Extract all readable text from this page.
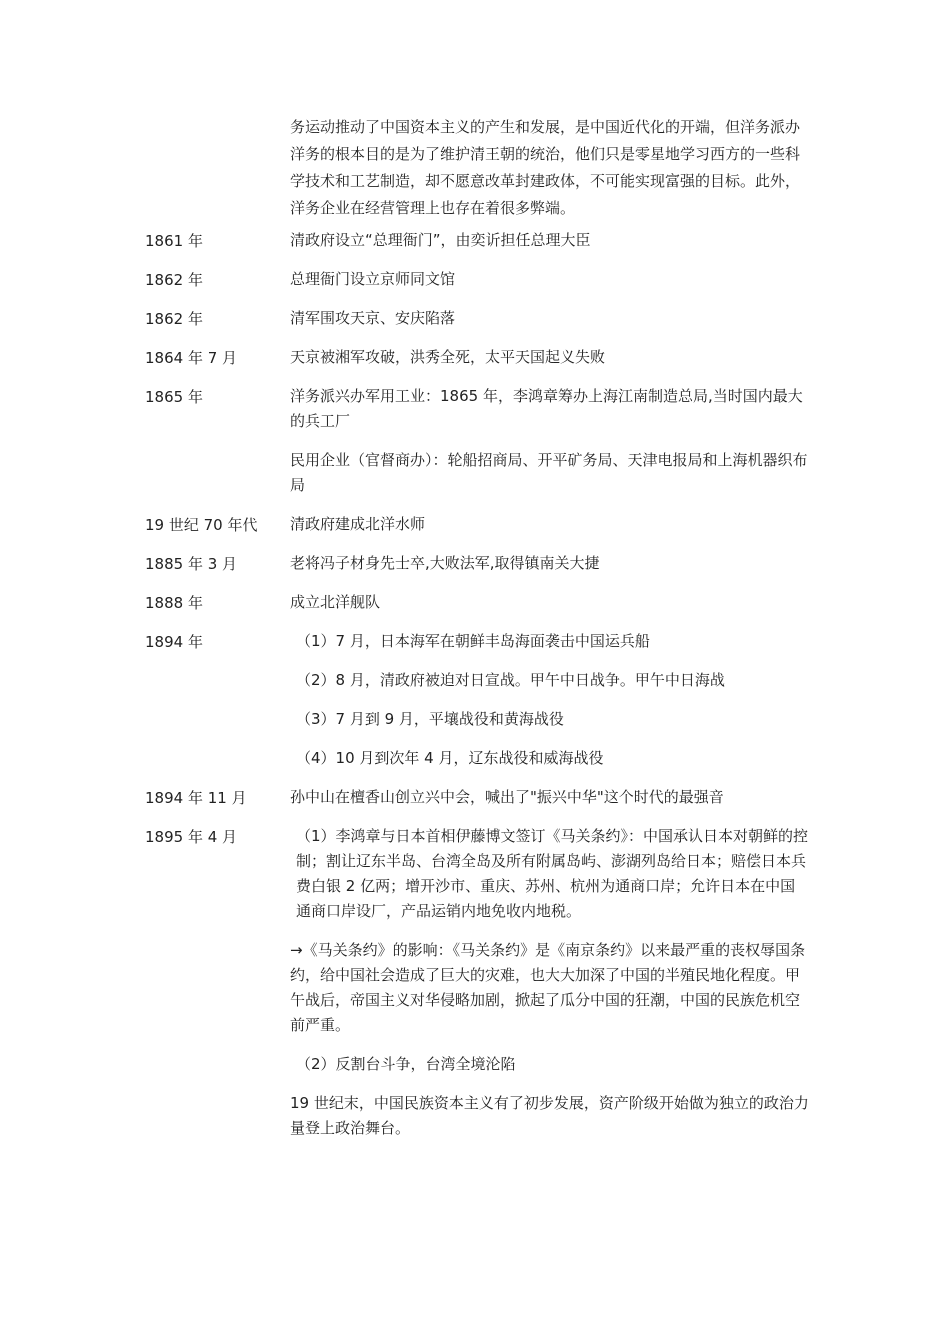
务运动推动了中国资本主义的产生和发展，是中国近代化的开端，但洋务派办洋务的根本目的是为了维护清王朝的统治，他们只是零星地学习西方的一些科学技术和工艺制造，却不愿意改革封建政体，不可能实现富强的目标。此外，洋务企业在经营管理上也存在着很多弊端。
1861 年	清政府设立“总理衙门”，由奕䜣担任总理大臣
1862 年	总理衙门设立京师同文馆
1862 年	清军围攻天京、安庆陷落
1864 年 7 月	天京被湘军攻破，洪秀全死，太平天国起义失败
1865 年	洋务派兴办军用工业：1865 年，李鸿章筹办上海江南制造总局,当时国内最大的兵工厂
民用企业（官督商办）：轮船招商局、开平矿务局、天津电报局和上海机器织布局
19 世纪 70 年代	清政府建成北洋水师
1885 年 3 月	老将冯子材身先士卒,大败法军,取得镇南关大捷
1888 年	成立北洋舰队
1894 年	（1）7 月，日本海军在朝鲜丰岛海面袭击中国运兵船
（2）8 月，清政府被迫对日宣战。甲午中日战争。甲午中日海战
（3）7 月到 9 月，平壤战役和黄海战役
（4）10 月到次年 4 月，辽东战役和威海战役
1894 年 11 月	孙中山在檀香山创立兴中会，喊出了"振兴中华"这个时代的最强音
1895 年 4 月	（1）李鸿章与日本首相伊藤博文签订《马关条约》：中国承认日本对朝鲜的控制；割让辽东半岛、台湾全岛及所有附属岛屿、澎湖列岛给日本；赔偿日本兵费白银 2 亿两；增开沙市、重庆、苏州、杭州为通商口岸；允许日本在中国通商口岸设厂，产品运销内地免收内地税。
→《马关条约》的影响：《马关条约》是《南京条约》以来最严重的丧权辱国条约，给中国社会造成了巨大的灾难，也大大加深了中国的半殖民地化程度。甲午战后，帝国主义对华侵略加剧，掀起了瓜分中国的狂潮，中国的民族危机空前严重。
（2）反割台斗争，台湾全境沦陷
19 世纪末，中国民族资本主义有了初步发展，资产阶级开始做为独立的政治力量登上政治舞台。
